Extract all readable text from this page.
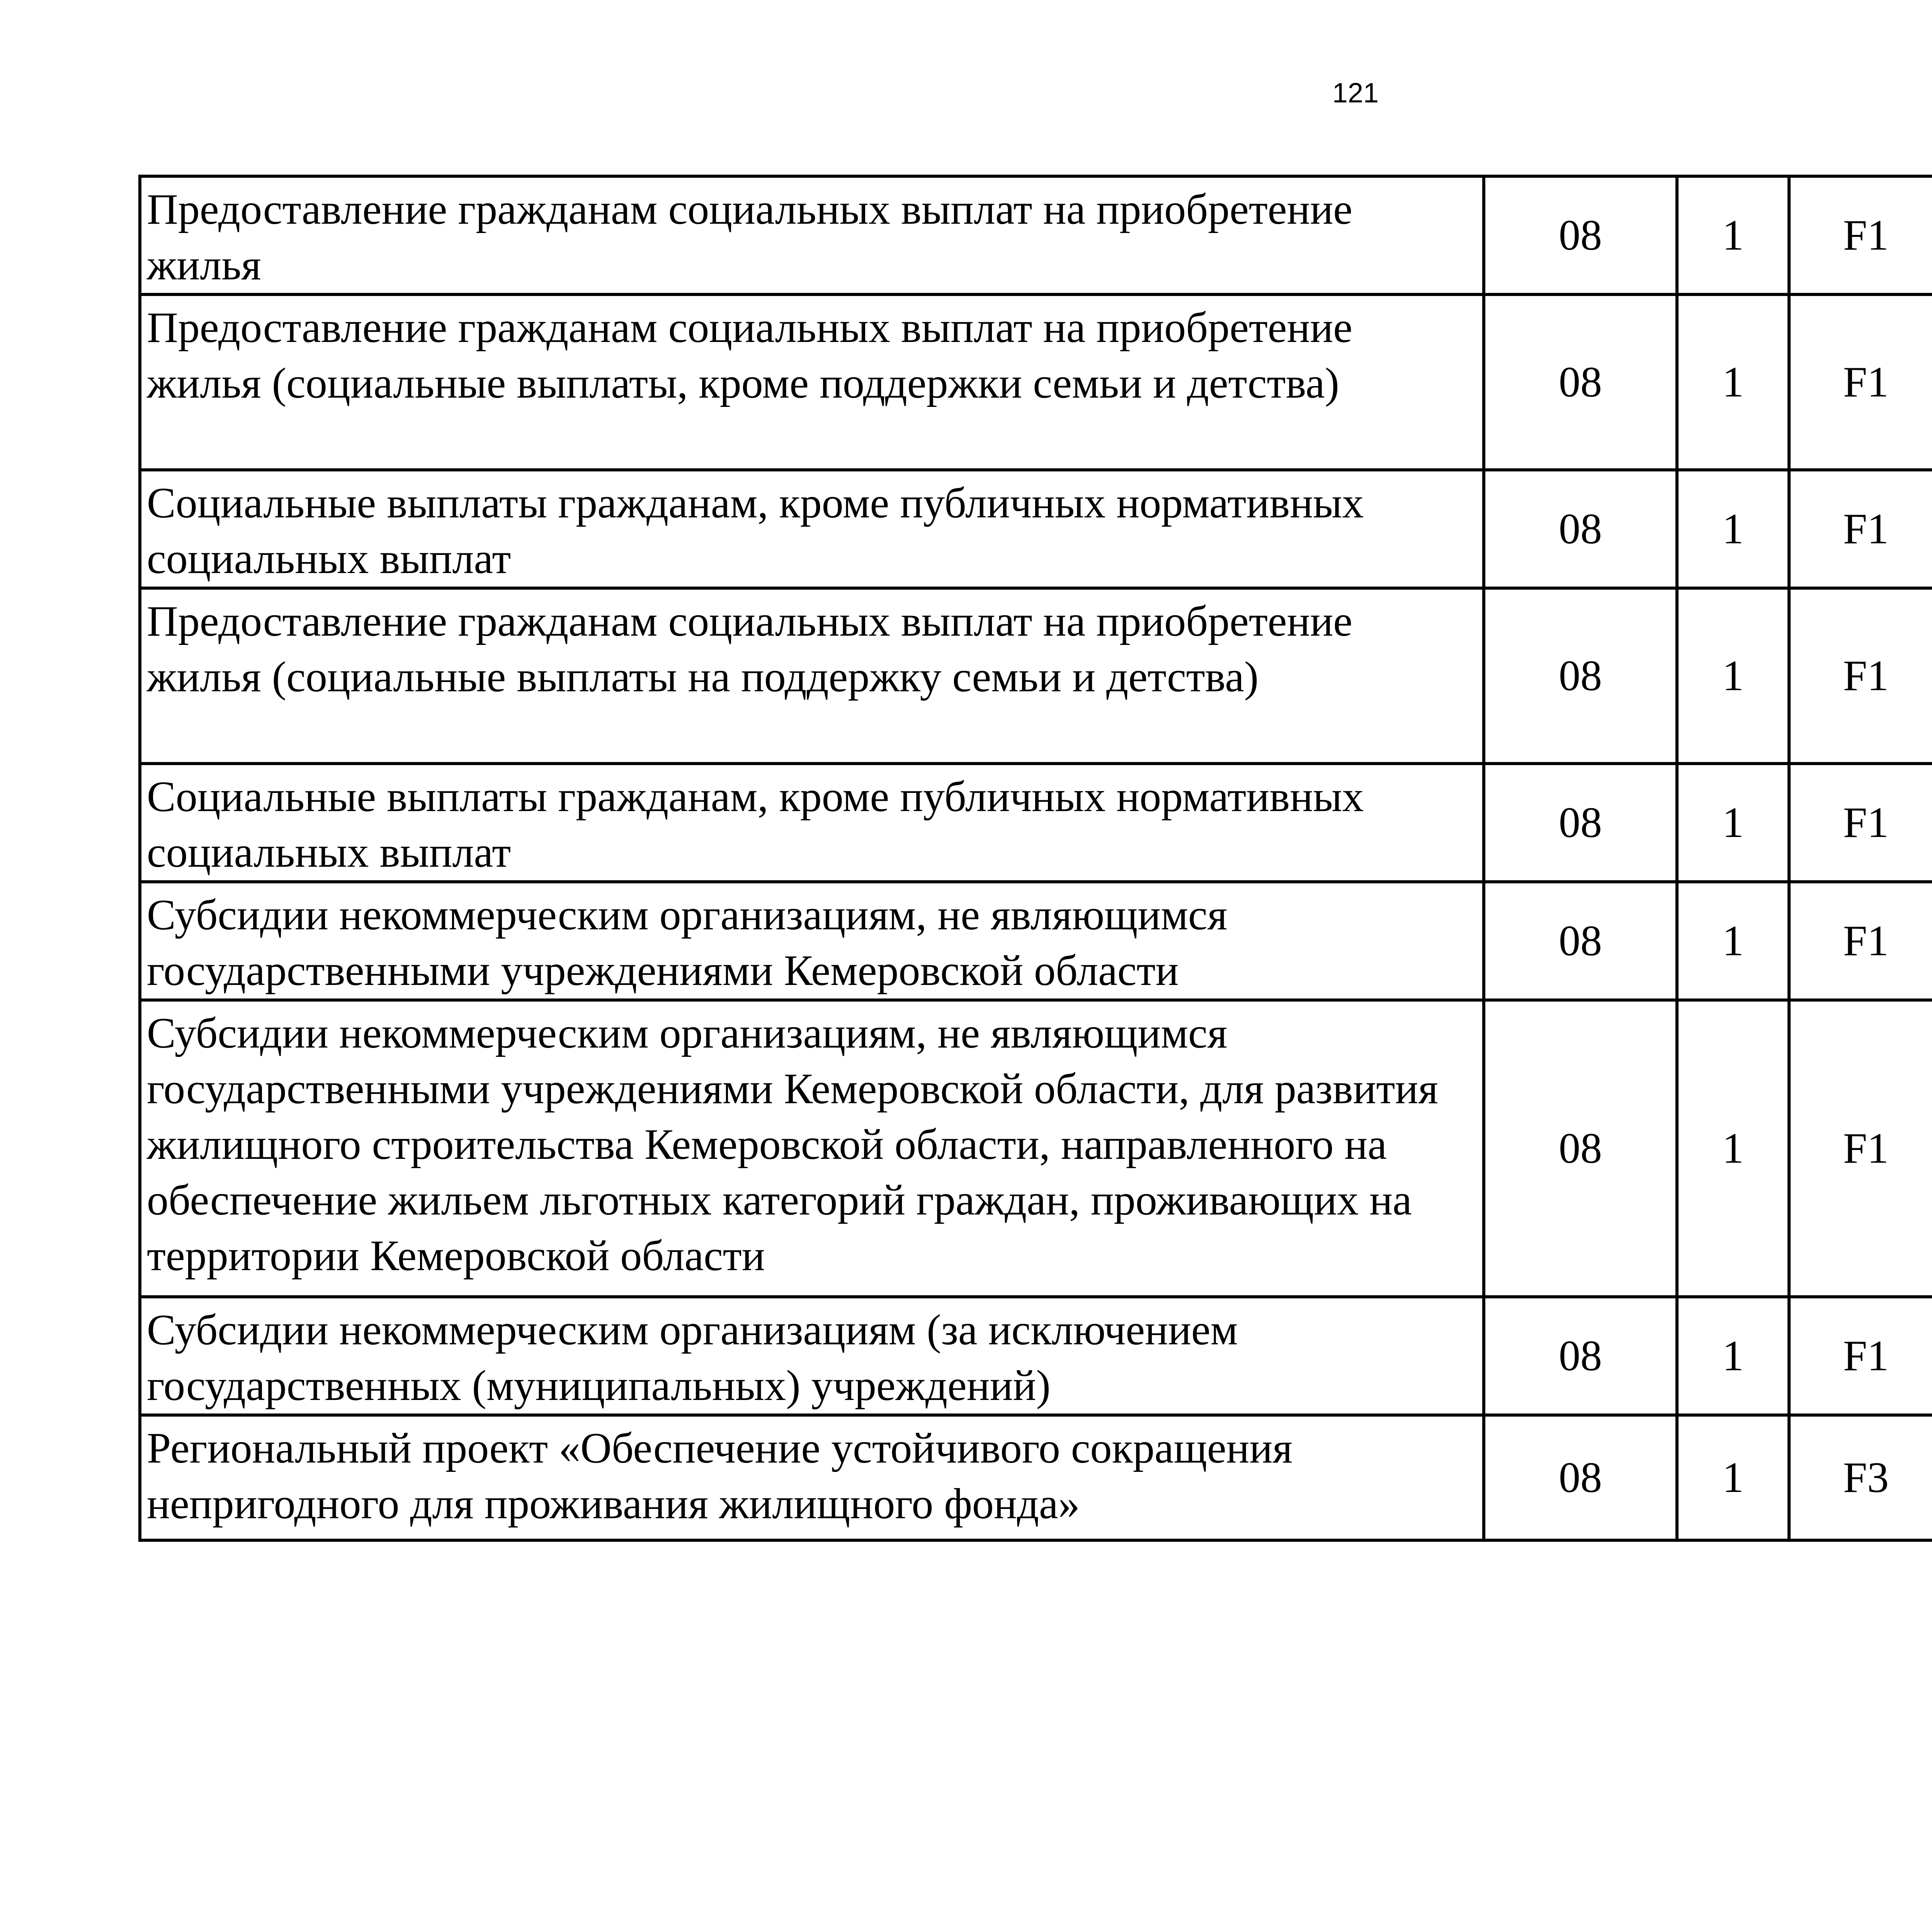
121
Предоставление гражданам социальных выплат на приобретение жилья	08	1	F1			
Предоставление гражданам социальных выплат на приобретение жилья (социальные выплаты, кроме поддержки семьи и детства)	08	1	F1			
Социальные выплаты гражданам, кроме публичных нормативных социальных выплат	08	1	F1			
Предоставление гражданам социальных выплат на приобретение жилья (социальные выплаты на поддержку семьи и детства)	08	1	F1			
Социальные выплаты гражданам, кроме публичных нормативных социальных выплат	08	1	F1			
Субсидии некоммерческим организациям, не являющимся государственными учреждениями Кемеровской области	08	1	F1			
Субсидии некоммерческим организациям, не являющимся государственными учреждениями Кемеровской области, для развития жилищного строительства Кемеровской области, направленного на обеспечение жильем льготных категорий граждан, проживающих на территории Кемеровской области	08	1	F1			
Субсидии некоммерческим организациям (за исключением государственных (муниципальных) учреждений)	08	1	F1			
Региональный проект «Обеспечение устойчивого сокращения непригодного для проживания жилищного фонда»	08	1	F3			
